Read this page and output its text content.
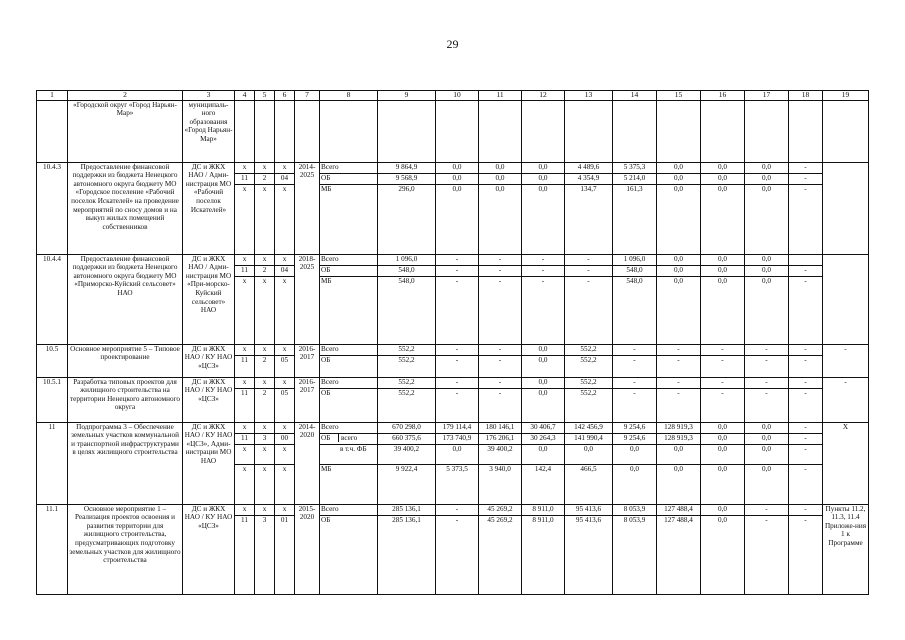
29
1	2	3	4	5	6	7	8	9	10	11	12	13	14	15	16	17	18	19
	«Городской округ «Город Нарьян-Мар»	муниципаль-ного образования «Город Нарьян-Мар»																
10.4.3	Предоставление финансовой поддержки из бюджета Ненецкого автономного округа бюджету МО «Городское поселение «Рабочий поселок Искателей» на проведение мероприятий по сносу домов и на выкуп жилых помещений собственников	ДС и ЖКХ НАО / Адми-нистрация МО «Рабочий поселок Искателей»	х	х	х	2014-2025	Всего	9 864,9	0,0	0,0	0,0	4 489,6	5 375,3	0,0	0,0	0,0	-	
			11	2	04		ОБ	9 568,9	0,0	0,0	0,0	4 354,9	5 214,0	0,0	0,0	0,0	-	
			х	х	х		МБ	296,0	0,0	0,0	0,0	134,7	161,3	0,0	0,0	0,0	-	
10.4.4	Предоставление финансовой поддержки из бюджета Ненецкого автономного округа бюджету МО «Приморско-Куйский сельсовет» НАО	ДС и ЖКХ НАО / Адми-нистрация МО «При-морско-Куйский сельсовет» НАО	х	х	х	2018-2025	Всего	1 096,0	-	-	-	-	1 096,0	0,0	0,0	0,0		
			11	2	04		ОБ	548,0	-	-	-	-	548,0	0,0	0,0	0,0	-	
			х	х	х		МБ	548,0	-	-	-	-	548,0	0,0	0,0	0,0	-	
10.5	Основное мероприятие 5 – Типовое проектирование	ДС и ЖКХ НАО / КУ НАО «ЦСЗ»	х	х	х	2016-2017	Всего	552,2	-	-	0,0	552,2	-	-	-	-	-	-
			11	2	05		ОБ	552,2	-	-	0,0	552,2	-	-	-	-	-	
10.5.1	Разработка типовых проектов для жилищного строительства на территории Ненецкого автономного округа	ДС и ЖКХ НАО / КУ НАО «ЦСЗ»	х	х	х	2016-2017	Всего	552,2	-	-	0,0	552,2	-	-	-	-	-	-
			11	2	05		ОБ	552,2	-	-	0,0	552,2	-	-	-	-	-	
11	Подпрограмма 3 – Обеспечение земельных участков коммунальной и транспортной инфраструктурами в целях жилищного строительства	ДС и ЖКХ НАО / КУ НАО «ЦСЗ», Адми-нистрации МО НАО	х	х	х	2014-2020	Всего	670 298,0	179 114,4	180 146,1	30 406,7	142 456,9	9 254,6	128 919,3	0,0	0,0	-	Х
			11	3	00		ОБ всего	660 375,6	173 740,9	176 206,1	30 264,3	141 990,4	9 254,6	128 919,3	0,0	0,0	-	
			х	х	х		в т.ч. ФБ	39 400,2	0,0	39 400,2	0,0	0,0	0,0	0,0	0,0	0,0	-	
			х	х	х		МБ	9 922,4	5 373,5	3 940,0	142,4	466,5	0,0	0,0	0,0	0,0	-	
11.1	Основное мероприятие 1 – Реализация проектов освоения и развития территории для жилищного строительства, предусматривающих подготовку земельных участков для жилищного строительства	ДС и ЖКХ НАО / КУ НАО «ЦСЗ»	х	х	х	2015-2020	Всего	285 136,1	-	45 269,2	8 911,0	95 413,6	8 053,9	127 488,4	0,0	-	-	Пункты 11.2, 11.3, 11.4 Приложе-ния 1 к Программе
			11	3	01		ОБ	285 136,1	-	45 269,2	8 911,0	95 413,6	8 053,9	127 488,4	0,0	-	-	
